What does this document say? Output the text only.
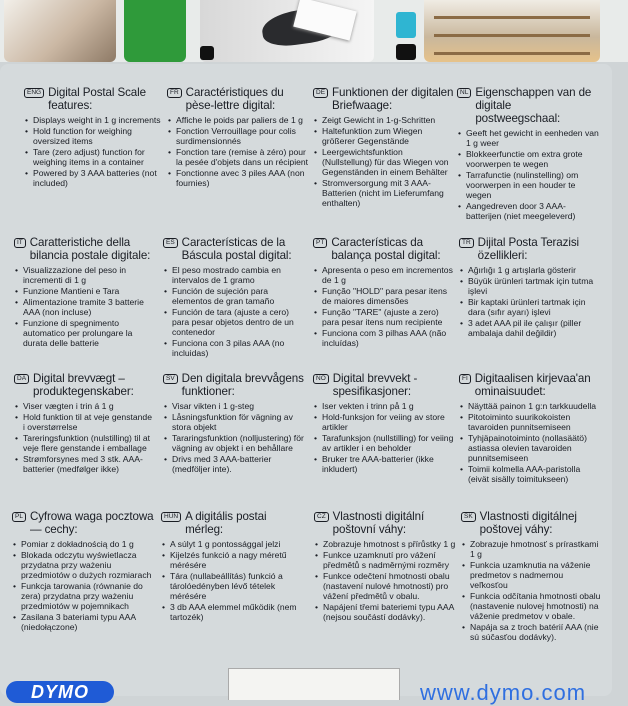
ENG Digital Postal Scale features:
• Displays weight in 1 g increments
• Hold function for weighing oversized items
• Tare (zero adjust) function for weighing items in a container
• Powered by 3 AAA batteries (not included)
FR Caractéristiques du pèse-lettre digital:
• Affiche le poids par paliers de 1 g
• Fonction Verrouillage pour colis surdimensionnés
• Fonction tare (remise à zéro) pour la pesée d'objets dans un récipient
• Fonctionne avec 3 piles AAA (non fournies)
DE Funktionen der digitalen Briefwaage:
• Zeigt Gewicht in 1-g-Schritten
• Haltefunktion zum Wiegen größerer Gegenstände
• Leergewichtsfunktion (Nullstellung) für das Wiegen von Gegenständen in einem Behälter
• Stromversorgung mit 3 AAA-Batterien (nicht im Lieferumfang enthalten)
NL Eigenschappen van de digitale postweegschaal:
• Geeft het gewicht in eenheden van 1 g weer
• Blokkeerfunctie om extra grote voorwerpen te wegen
• Tarrafunctie (nulinstelling) om voorwerpen in een houder te wegen
• Aangedreven door 3 AAA-batterijen (niet meegeleverd)
IT Caratteristiche della bilancia postale digitale:
• Visualizzazione del peso in incrementi di 1 g
• Funzione Mantieni e Tara
• Alimentazione tramite 3 batterie AAA (non incluse)
• Funzione di spegnimento automatico per prolungare la durata delle batterie
ES Características de la Báscula postal digital:
• El peso mostrado cambia en intervalos de 1 gramo
• Función de sujeción para elementos de gran tamaño
• Función de tara (ajuste a cero) para pesar objetos dentro de un contenedor
• Funciona con 3 pilas AAA (no incluidas)
PT Características da balança postal digital:
• Apresenta o peso em incrementos de 1 g
• Função "HOLD" para pesar itens de maiores dimensões
• Função "TARE" (ajuste a zero) para pesar itens num recipiente
• Funciona com 3 pilhas AAA (não incluídas)
TR Dijital Posta Terazisi özellikleri:
• Ağırlığı 1 g artışlarla gösterir
• Büyük ürünleri tartmak için tutma işlevi
• Bir kaptaki ürünleri tartmak için dara (sıfır ayarı) işlevi
• 3 adet AAA pil ile çalışır (piller ambalaja dahil değildir)
DA Digital brevvægt – produktegenskaber:
• Viser vægten i trin á 1 g
• Hold funktion til at veje genstande i overstørrelse
• Tareringsfunktion (nulstilling) til at veje flere genstande i emballage
• Strømforsynes med 3 stk. AAA-batterier (medfølger ikke)
SV Den digitala brevvågens funktioner:
• Visar vikten i 1 g-steg
• Låsningsfunktion för vägning av stora objekt
• Tararingsfunktion (nolljustering) för vägning av objekt i en behållare
• Drivs med 3 AAA-batterier (medföljer inte).
NO Digital brevvekt - spesifikasjoner:
• Iser vekten i trinn på 1 g
• Hold-funksjon for veiing av store artikler
• Tarafunksjon (nullstilling) for veiing av artikler i en beholder
• Bruker tre AAA-batterier (ikke inkludert)
FI Digitaalisen kirjevaa'an ominaisuudet:
• Näyttää painon 1 g:n tarkkuudella
• Pitotoiminto suurikokoisten tavaroiden punnitsemiseen
• Tyhjäpainotoiminto (nollasäätö) astiassa olevien tavaroiden punnitsemiseen
• Toimii kolmella AAA-paristolla (eivät sisälly toimitukseen)
PL Cyfrowa waga pocztowa — cechy:
• Pomiar z dokładnością do 1 g
• Blokada odczytu wyświetlacza przydatna przy ważeniu przedmiotów o dużych rozmiarach
• Funkcja tarowania (równanie do zera) przydatna przy ważeniu przedmiotów w pojemnikach
• Zasilana 3 bateriami typu AAA (niedołączone)
HUN A digitális postai mérleg:
• A súlyt 1 g pontossággal jelzi
• Kijelzés funkció a nagy méretű mérésére
• Tára (nullabeállítás) funkció a tárolóedényben lévő tételek mérésére
• 3 db AAA elemmel működik (nem tartozék)
CZ Vlastnosti digitální poštovní váhy:
• Zobrazuje hmotnost s přírůstky 1 g
• Funkce uzamknutí pro vážení předmětů s nadměrnými rozměry
• Funkce odečtení hmotnosti obalu (nastavení nulové hmotnosti) pro vážení předmětů v obalu.
• Napájení třemi bateriemi typu AAA (nejsou součástí dodávky).
SK Vlastnosti digitálnej poštovej váhy:
• Zobrazuje hmotnosť s prírastkami 1 g
• Funkcia uzamknutia na váženie predmetov s nadmernou veľkosťou
• Funkcia odčítania hmotnosti obalu (nastavenie nulovej hmotnosti) na váženie predmetov v obale.
• Napája sa z troch batérií AAA (nie sú súčasťou dodávky).
DYMO	www.dymo.com
